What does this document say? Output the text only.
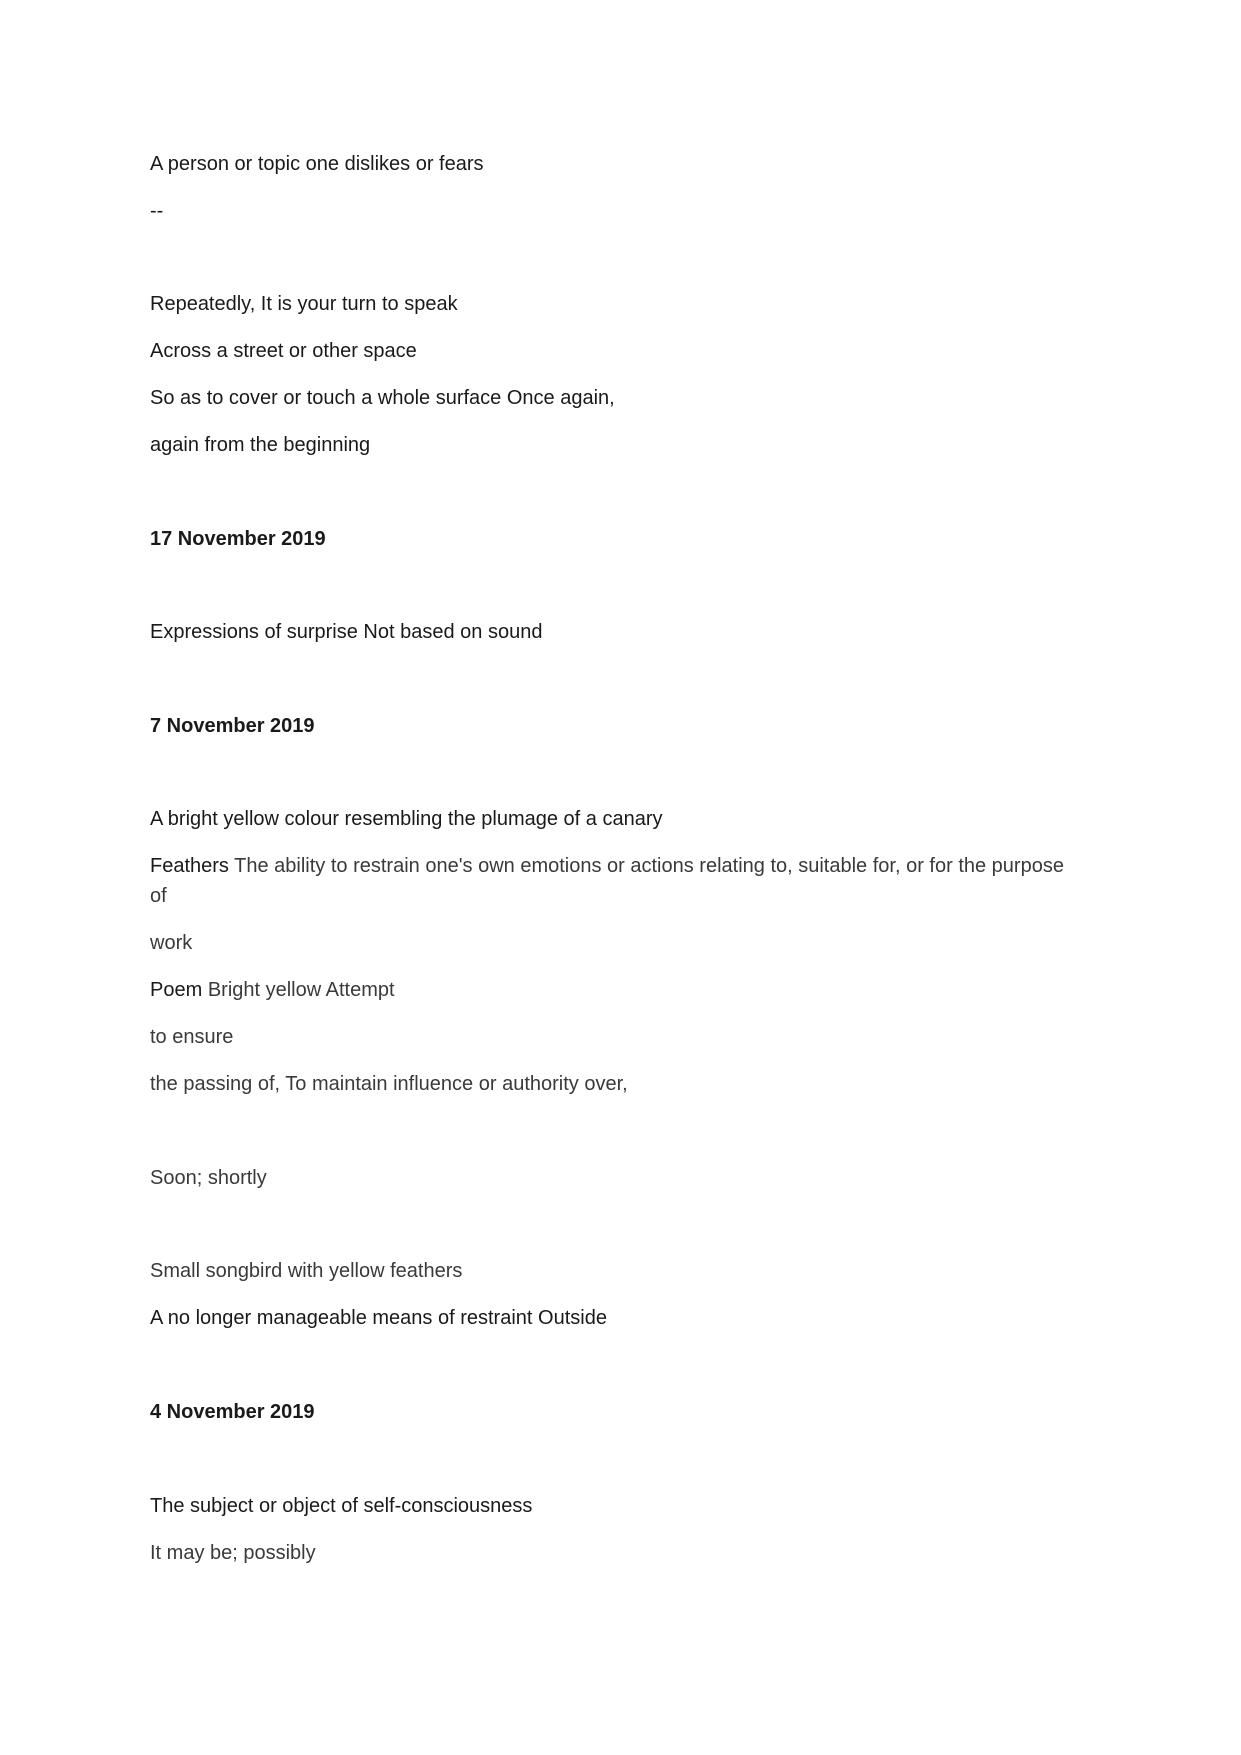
A person or topic one dislikes or fears

--

Repeatedly, It is your turn to speak

Across a street or other space

So as to cover or touch a whole surface Once again,

again from the beginning

17 November 2019

Expressions of surprise Not based on sound

7 November 2019

A bright yellow colour resembling the plumage of a canary

Feathers The ability to restrain one's own emotions or actions relating to, suitable for, or for the purpose of

work

Poem Bright yellow Attempt

to ensure

the passing of, To maintain influence or authority over,

Soon; shortly

Small songbird with yellow feathers

A no longer manageable means of restraint Outside

4 November 2019

The subject or object of self-consciousness

It may be; possibly
